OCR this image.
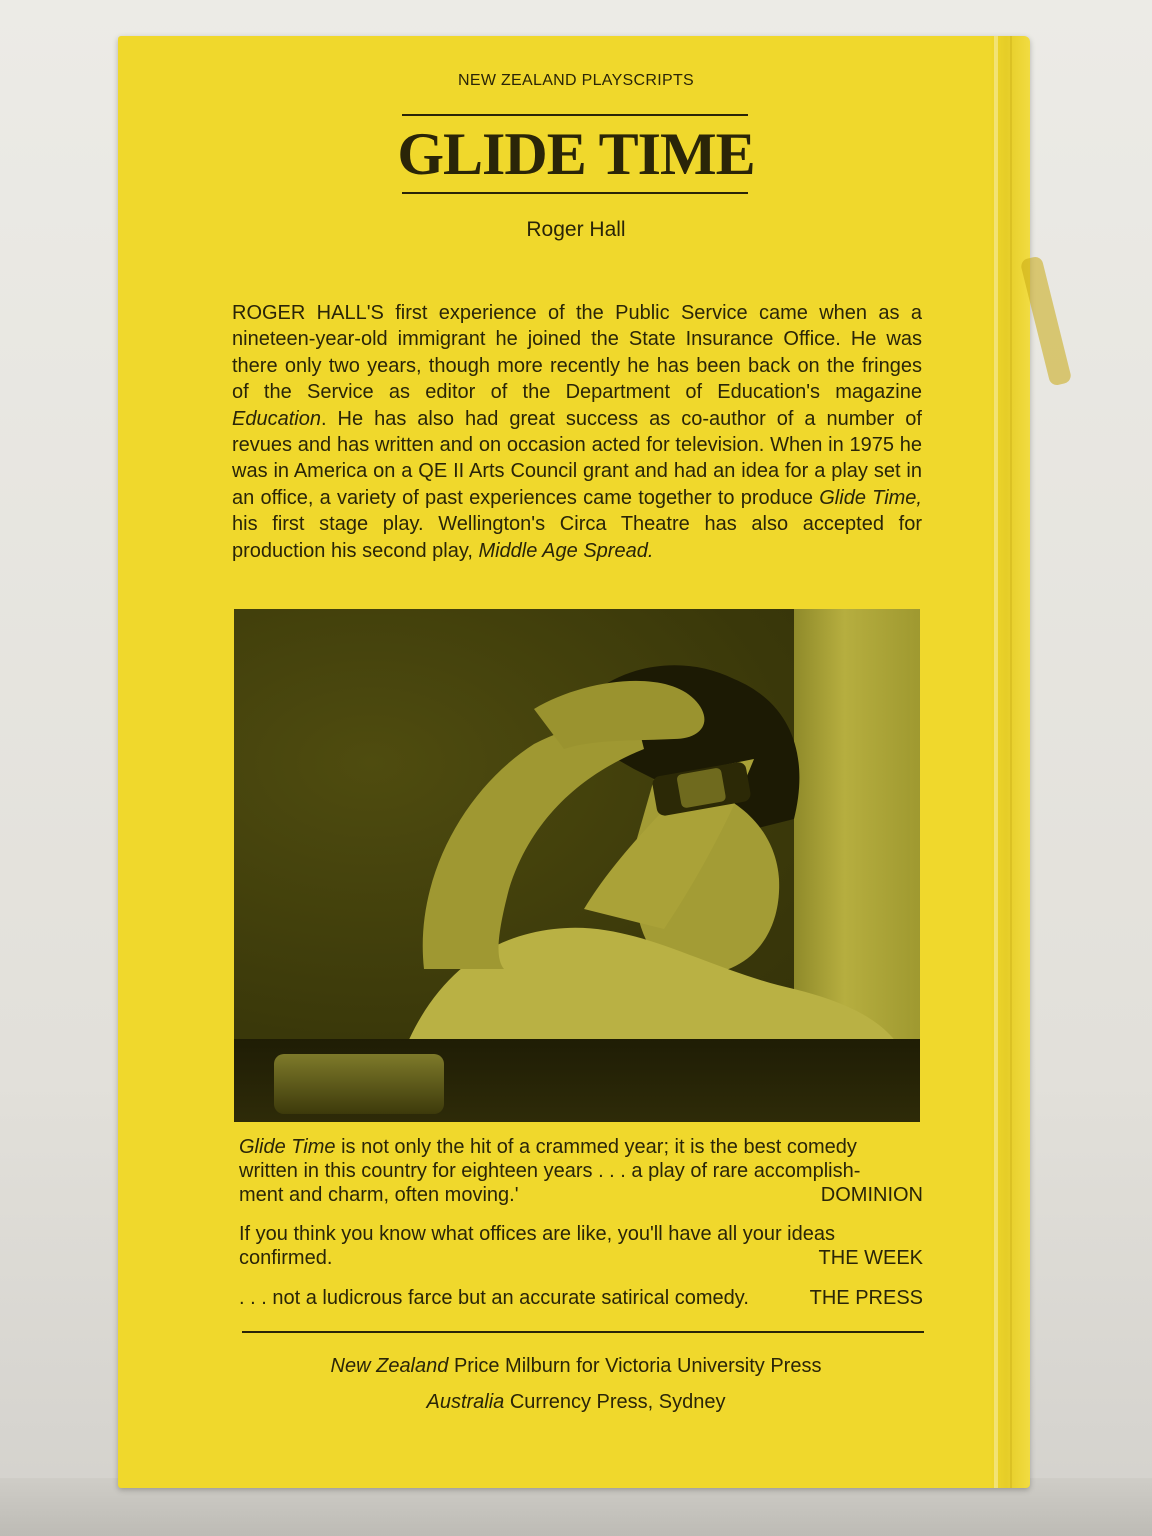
NEW ZEALAND PLAYSCRIPTS
GLIDE TIME
Roger Hall
ROGER HALL'S first experience of the Public Service came when as a nineteen-year-old immigrant he joined the State Insurance Office. He was there only two years, though more recently he has been back on the fringes of the Service as editor of the Department of Education's magazine Education. He has also had great success as co-author of a number of revues and has written and on occasion acted for television. When in 1975 he was in America on a QE II Arts Council grant and had an idea for a play set in an office, a variety of past experiences came together to produce Glide Time, his first stage play. Wellington's Circa Theatre has also accepted for production his second play, Middle Age Spread.
Glide Time is not only the hit of a crammed year; it is the best comedy
written in this country for eighteen years . . . a play of rare accomplish-
ment and charm, often moving.'	DOMINION
If you think you know what offices are like, you'll have all your ideas
confirmed.	THE WEEK
. . . not a ludicrous farce but an accurate satirical comedy.	THE PRESS
New Zealand Price Milburn for Victoria University Press
Australia Currency Press, Sydney
